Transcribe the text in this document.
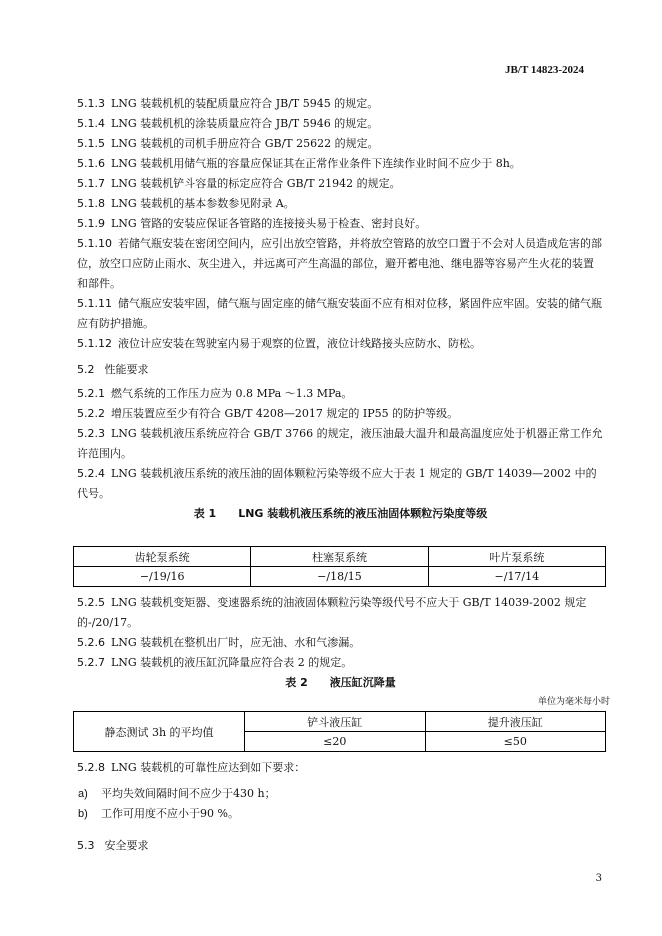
JB/T 14823-2024

5.1.3 LNG 装载机机的装配质量应符合 JB/T 5945 的规定。

5.1.4 LNG 装载机机的涂装质量应符合 JB/T 5946 的规定。

5.1.5 LNG 装载机的司机手册应符合 GB/T 25622 的规定。

5.1.6 LNG 装载机用储气瓶的容量应保证其在正常作业条件下连续作业时间不应少于 8h。

5.1.7 LNG 装载机铲斗容量的标定应符合 GB/T 21942 的规定。

5.1.8 LNG 装载机的基本参数参见附录 A。

5.1.9 LNG 管路的安装应保证各管路的连接接头易于检查、密封良好。

5.1.10 若储气瓶安装在密闭空间内，应引出放空管路，并将放空管路的放空口置于不会对人员造成危害的部位，放空口应防止雨水、灰尘进入，并远离可产生高温的部位，避开蓄电池、继电器等容易产生火花的装置和部件。

5.1.11 储气瓶应安装牢固，储气瓶与固定座的储气瓶安装面不应有相对位移，紧固件应牢固。安装的储气瓶应有防护措施。

5.1.12 液位计应安装在驾驶室内易于观察的位置，液位计线路接头应防水、防松。

5.2 性能要求

5.2.1 燃气系统的工作压力应为 0.8 MPa ～1.3 MPa。

5.2.2 增压装置应至少有符合 GB/T 4208—2017 规定的 IP55 的防护等级。

5.2.3 LNG 装载机液压系统应符合 GB/T 3766 的规定，液压油最大温升和最高温度应处于机器正常工作允许范围内。

5.2.4 LNG 装载机液压系统的液压油的固体颗粒污染等级不应大于表 1 规定的 GB/T 14039—2002 中的代号。

表 1 LNG 装载机液压系统的液压油固体颗粒污染度等级

齿轮泵系统	柱塞泵系统	叶片泵系统
−/19/16	−/18/15	−/17/14

5.2.5 LNG 装载机变矩器、变速器系统的油液固体颗粒污染等级代号不应大于 GB/T 14039-2002 规定的-/20/17。

5.2.6 LNG 装载机在整机出厂时，应无油、水和气渗漏。

5.2.7 LNG 装载机的液压缸沉降量应符合表 2 的规定。

表 2 液压缸沉降量

单位为毫米每小时

静态测试 3h 的平均值	铲斗液压缸	提升液压缸
	≤20	≤50

5.2.8 LNG 装载机的可靠性应达到如下要求：

a) 平均失效间隔时间不应少于430 h；

b) 工作可用度不应小于90 %。

5.3 安全要求

3
